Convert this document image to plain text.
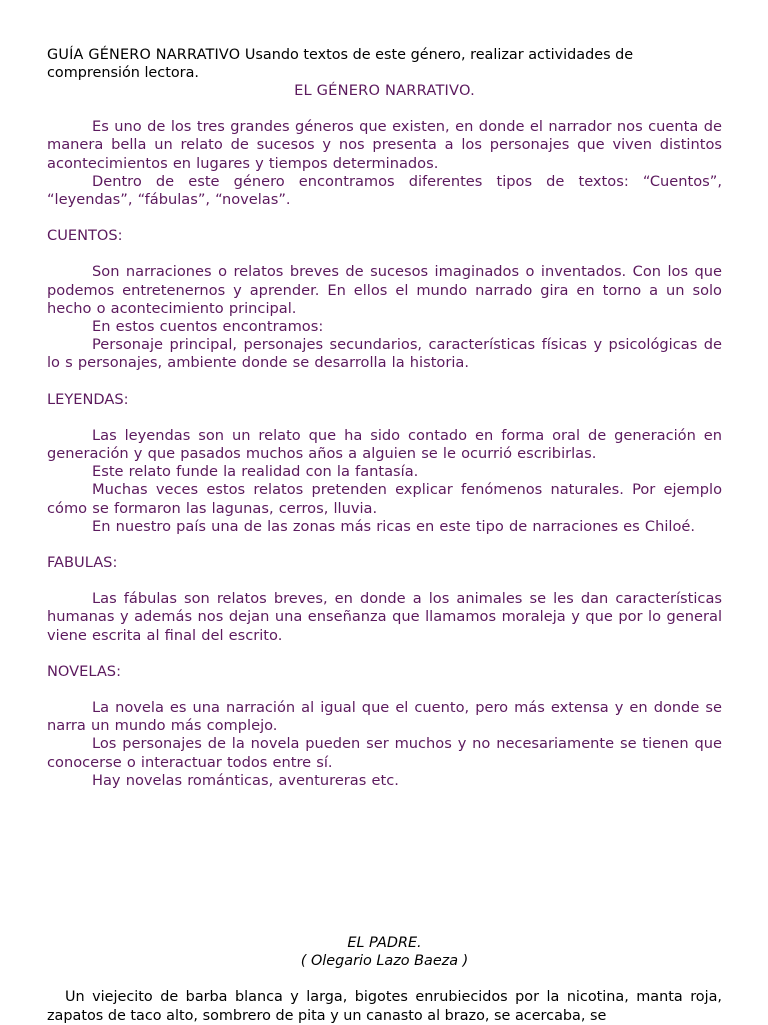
GUÍA GÉNERO NARRATIVO Usando textos de este género, realizar actividades de comprensión lectora.

EL GÉNERO NARRATIVO.

Es uno de los tres grandes géneros que existen, en donde el narrador nos cuenta de manera bella un relato de sucesos y nos presenta a los personajes que viven distintos acontecimientos en lugares y tiempos determinados.

Dentro de este género encontramos diferentes tipos de textos: “Cuentos”, “leyendas”, “fábulas”, “novelas”.

CUENTOS:

Son narraciones o relatos breves de sucesos imaginados o inventados. Con los que podemos entretenernos y aprender. En ellos el mundo narrado gira en torno a un solo hecho o acontecimiento principal.

En estos cuentos encontramos:

Personaje principal, personajes secundarios, características físicas y psicológicas de lo s personajes, ambiente donde se desarrolla la historia.

LEYENDAS:

Las leyendas son un relato que ha sido contado en forma oral de generación en generación y que pasados muchos años a alguien se le ocurrió escribirlas.

Este relato funde la realidad con la fantasía.

Muchas veces estos relatos pretenden explicar fenómenos naturales. Por ejemplo cómo se formaron las lagunas, cerros, lluvia.

En nuestro país una de las zonas más ricas en este tipo de narraciones es Chiloé.

FABULAS:

Las fábulas son relatos breves, en donde a los animales se les dan características humanas y además nos dejan una enseñanza que llamamos moraleja y que por lo general viene escrita al final del escrito.

NOVELAS:

La novela es una narración al igual que el cuento, pero más extensa y en donde se narra un mundo más complejo.

Los personajes de la novela pueden ser muchos y no necesariamente se tienen que conocerse o interactuar todos entre sí.

Hay novelas románticas, aventureras etc.

EL PADRE.

( Olegario Lazo Baeza )

Un viejecito de barba blanca y larga, bigotes enrubiecidos por la nicotina, manta roja, zapatos de taco alto, sombrero de pita y un canasto al brazo, se acercaba, se
